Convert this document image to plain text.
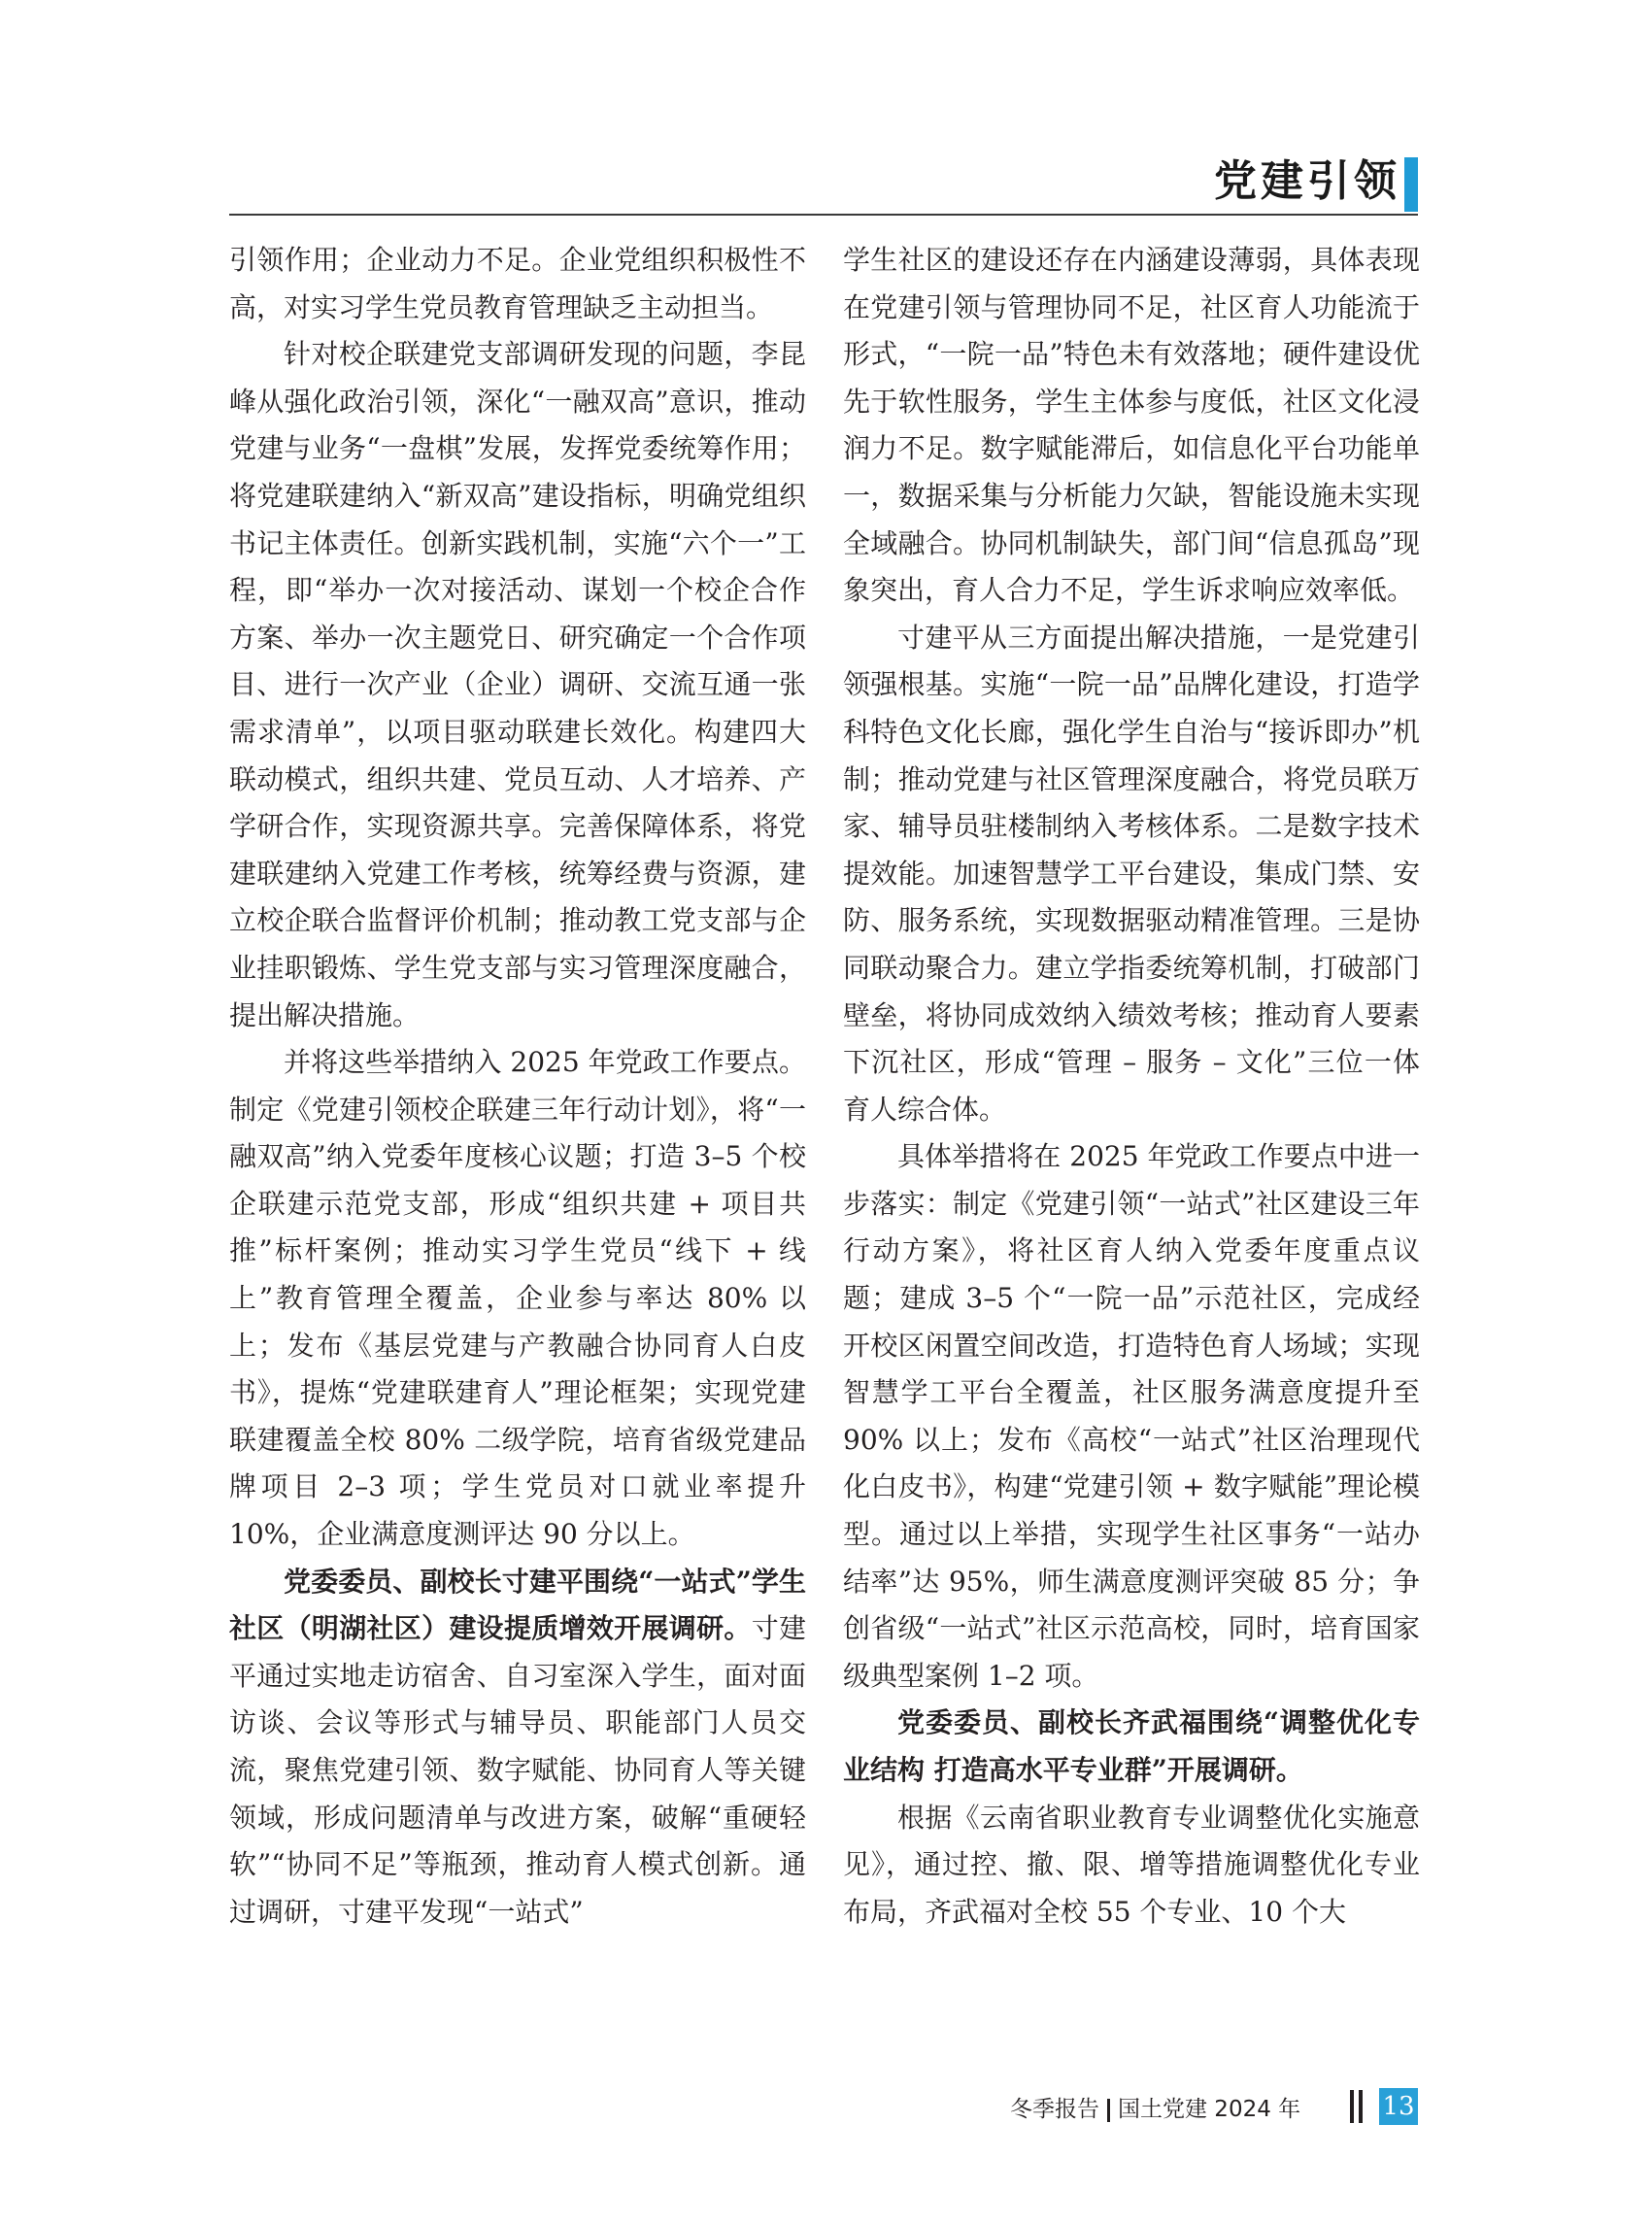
党建引领

引领作用；企业动力不足。企业党组织积极性不高，对实习学生党员教育管理缺乏主动担当。

针对校企联建党支部调研发现的问题，李昆峰从强化政治引领，深化“一融双高”意识，推动党建与业务“一盘棋”发展，发挥党委统筹作用；将党建联建纳入“新双高”建设指标，明确党组织书记主体责任。创新实践机制，实施“六个一”工程，即“举办一次对接活动、谋划一个校企合作方案、举办一次主题党日、研究确定一个合作项目、进行一次产业（企业）调研、交流互通一张需求清单”，以项目驱动联建长效化。构建四大联动模式，组织共建、党员互动、人才培养、产学研合作，实现资源共享。完善保障体系，将党建联建纳入党建工作考核，统筹经费与资源，建立校企联合监督评价机制；推动教工党支部与企业挂职锻炼、学生党支部与实习管理深度融合，提出解决措施。

并将这些举措纳入 2025 年党政工作要点。制定《党建引领校企联建三年行动计划》，将“一融双高”纳入党委年度核心议题；打造 3–5 个校企联建示范党支部，形成“组织共建 + 项目共推”标杆案例；推动实习学生党员“线下 + 线上”教育管理全覆盖，企业参与率达 80% 以上；发布《基层党建与产教融合协同育人白皮书》，提炼“党建联建育人”理论框架；实现党建联建覆盖全校 80% 二级学院，培育省级党建品牌项目 2–3 项；学生党员对口就业率提升 10%，企业满意度测评达 90 分以上。

党委委员、副校长寸建平围绕“一站式”学生社区（明湖社区）建设提质增效开展调研。寸建平通过实地走访宿舍、自习室深入学生，面对面访谈、会议等形式与辅导员、职能部门人员交流，聚焦党建引领、数字赋能、协同育人等关键领域，形成问题清单与改进方案，破解“重硬轻软”“协同不足”等瓶颈，推动育人模式创新。通过调研，寸建平发现“一站式”

学生社区的建设还存在内涵建设薄弱，具体表现在党建引领与管理协同不足，社区育人功能流于形式，“一院一品”特色未有效落地；硬件建设优先于软性服务，学生主体参与度低，社区文化浸润力不足。数字赋能滞后，如信息化平台功能单一，数据采集与分析能力欠缺，智能设施未实现全域融合。协同机制缺失，部门间“信息孤岛”现象突出，育人合力不足，学生诉求响应效率低。

寸建平从三方面提出解决措施，一是党建引领强根基。实施“一院一品”品牌化建设，打造学科特色文化长廊，强化学生自治与“接诉即办”机制；推动党建与社区管理深度融合，将党员联万家、辅导员驻楼制纳入考核体系。二是数字技术提效能。加速智慧学工平台建设，集成门禁、安防、服务系统，实现数据驱动精准管理。三是协同联动聚合力。建立学指委统筹机制，打破部门壁垒，将协同成效纳入绩效考核；推动育人要素下沉社区，形成“管理 – 服务 – 文化”三位一体育人综合体。

具体举措将在 2025 年党政工作要点中进一步落实：制定《党建引领“一站式”社区建设三年行动方案》，将社区育人纳入党委年度重点议题；建成 3–5 个“一院一品”示范社区，完成经开校区闲置空间改造，打造特色育人场域；实现智慧学工平台全覆盖，社区服务满意度提升至 90% 以上；发布《高校“一站式”社区治理现代化白皮书》，构建“党建引领 + 数字赋能”理论模型。通过以上举措，实现学生社区事务“一站办结率”达 95%，师生满意度测评突破 85 分；争创省级“一站式”社区示范高校，同时，培育国家级典型案例 1–2 项。

党委委员、副校长齐武福围绕“调整优化专业结构 打造高水平专业群”开展调研。

根据《云南省职业教育专业调整优化实施意见》，通过控、撤、限、增等措施调整优化专业布局，齐武福对全校 55 个专业、10 个大

冬季报告 国土党建 2024 年	13
